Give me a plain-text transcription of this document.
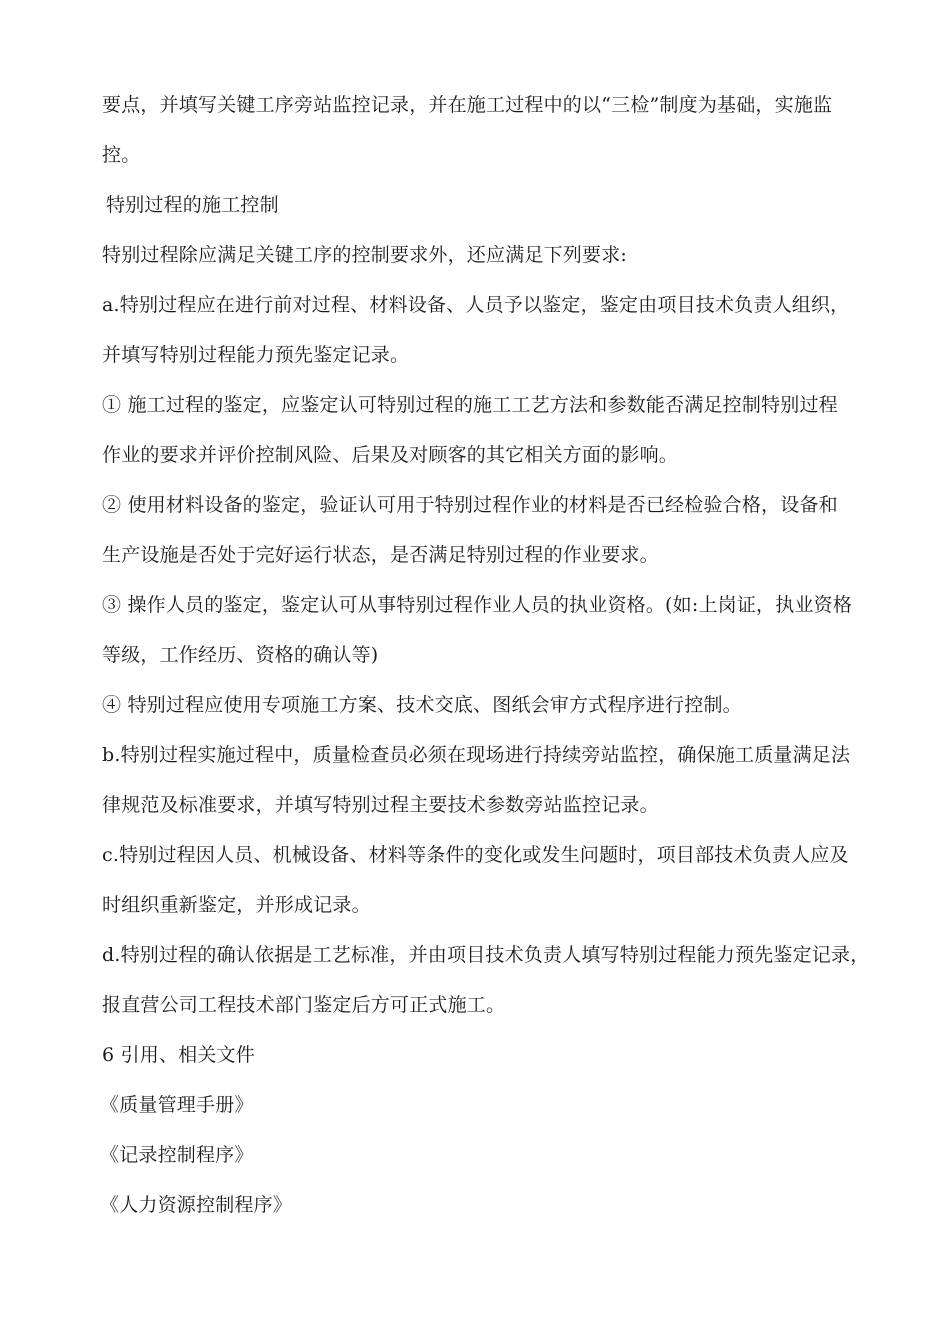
要点，并填写关键工序旁站监控记录，并在施工过程中的以“三检”制度为基础，实施监
控。
特别过程的施工控制
特别过程除应满足关键工序的控制要求外，还应满足下列要求:
a.特别过程应在进行前对过程、材料设备、人员予以鉴定，鉴定由项目技术负责人组织，
并填写特别过程能力预先鉴定记录。
① 施工过程的鉴定，应鉴定认可特别过程的施工工艺方法和参数能否满足控制特别过程
作业的要求并评价控制风险、后果及对顾客的其它相关方面的影响。
② 使用材料设备的鉴定，验证认可用于特别过程作业的材料是否已经检验合格，设备和
生产设施是否处于完好运行状态，是否满足特别过程的作业要求。
③ 操作人员的鉴定，鉴定认可从事特别过程作业人员的执业资格。(如:上岗证，执业资格
等级，工作经历、资格的确认等)
④ 特别过程应使用专项施工方案、技术交底、图纸会审方式程序进行控制。
b.特别过程实施过程中，质量检查员必须在现场进行持续旁站监控，确保施工质量满足法
律规范及标准要求，并填写特别过程主要技术参数旁站监控记录。
c.特别过程因人员、机械设备、材料等条件的变化或发生问题时，项目部技术负责人应及
时组织重新鉴定，并形成记录。
d.特别过程的确认依据是工艺标准，并由项目技术负责人填写特别过程能力预先鉴定记录，
报直营公司工程技术部门鉴定后方可正式施工。
6 引用、相关文件
《质量管理手册》
《记录控制程序》
《人力资源控制程序》
